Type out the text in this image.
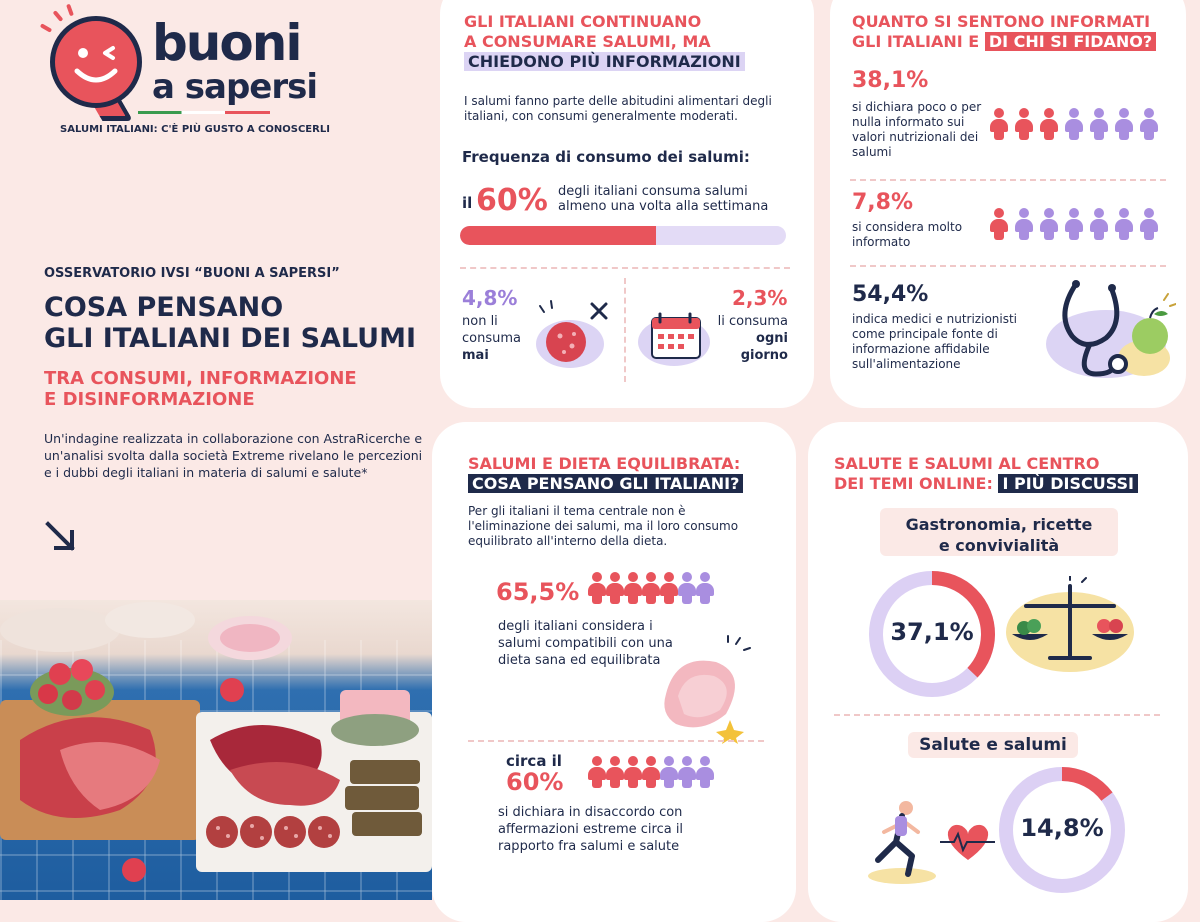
buoni
a sapersi
SALUMI ITALIANI: C'È PIÙ GUSTO A CONOSCERLI
OSSERVATORIO IVSI “BUONI A SAPERSI”
COSA PENSANO
GLI ITALIANI DEI SALUMI
TRA CONSUMI, INFORMAZIONE
E DISINFORMAZIONE
Un'indagine realizzata in collaborazione con AstraRicerche e un'analisi svolta dalla società Extreme rivelano le percezioni e i dubbi degli italiani in materia di salumi e salute*
GLI ITALIANI CONTINUANO
A CONSUMARE SALUMI, MA
CHIEDONO PIÙ INFORMAZIONI
I salumi fanno parte delle abitudini alimentari degli italiani, con consumi generalmente moderati.
Frequenza di consumo dei salumi:
il 60% degli italiani consuma salumi almeno una volta alla settimana
4,8%
non li
consuma
mai
2,3%
li consuma
ogni
giorno
QUANTO SI SENTONO INFORMATI
GLI ITALIANI E DI CHI SI FIDANO?
38,1%
si dichiara poco o per nulla informato sui valori nutrizionali dei salumi
7,8%
si considera molto informato
54,4%
indica medici e nutrizionisti come principale fonte di informazione affidabile sull'alimentazione
SALUMI E DIETA EQUILIBRATA:
COSA PENSANO GLI ITALIANI?
Per gli italiani il tema centrale non è l'eliminazione dei salumi, ma il loro consumo equilibrato all'interno della dieta.
65,5%
degli italiani considera i salumi compatibili con una dieta sana ed equilibrata
circa il
60%
si dichiara in disaccordo con affermazioni estreme circa il rapporto fra salumi e salute
SALUTE E SALUMI AL CENTRO
DEI TEMI ONLINE: I PIÙ DISCUSSI
Gastronomia, ricette
e convivialità
37,1%
Salute e salumi
14,8%
